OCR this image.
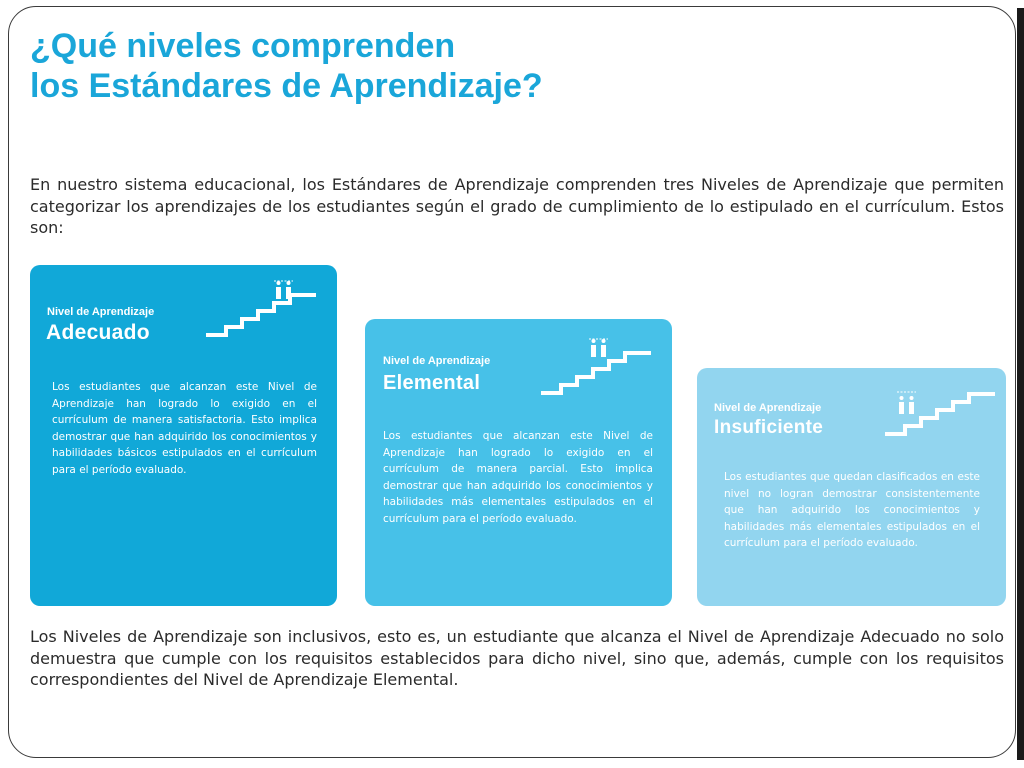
¿Qué niveles comprenden
los Estándares de Aprendizaje?

En nuestro sistema educacional, los Estándares de Aprendizaje comprenden tres Niveles de Aprendizaje que permiten categorizar los aprendizajes de los estudiantes según el grado de cumplimiento de lo estipulado en el currículum. Estos son:

Nivel de Aprendizaje
Adecuado

Los estudiantes que alcanzan este Nivel de Aprendizaje han logrado lo exigido en el currículum de manera satisfactoria. Esto implica demostrar que han adquirido los conocimientos y habilidades básicos estipulados en el currículum para el período evaluado.

Nivel de Aprendizaje
Elemental

Los estudiantes que alcanzan este Nivel de Aprendizaje han logrado lo exigido en el currículum de manera parcial. Esto implica demostrar que han adquirido los conocimientos y habilidades más elementales estipulados en el currículum para el período evaluado.

Nivel de Aprendizaje
Insuficiente

Los estudiantes que quedan clasificados en este nivel no logran demostrar consistentemente que han adquirido los conocimientos y habilidades más elementales estipulados en el currículum para el período evaluado.

Los Niveles de Aprendizaje son inclusivos, esto es, un estudiante que alcanza el Nivel de Aprendizaje Adecuado no solo demuestra que cumple con los requisitos establecidos para dicho nivel, sino que, además, cumple con los requisitos correspondientes del Nivel de Aprendizaje Elemental.
